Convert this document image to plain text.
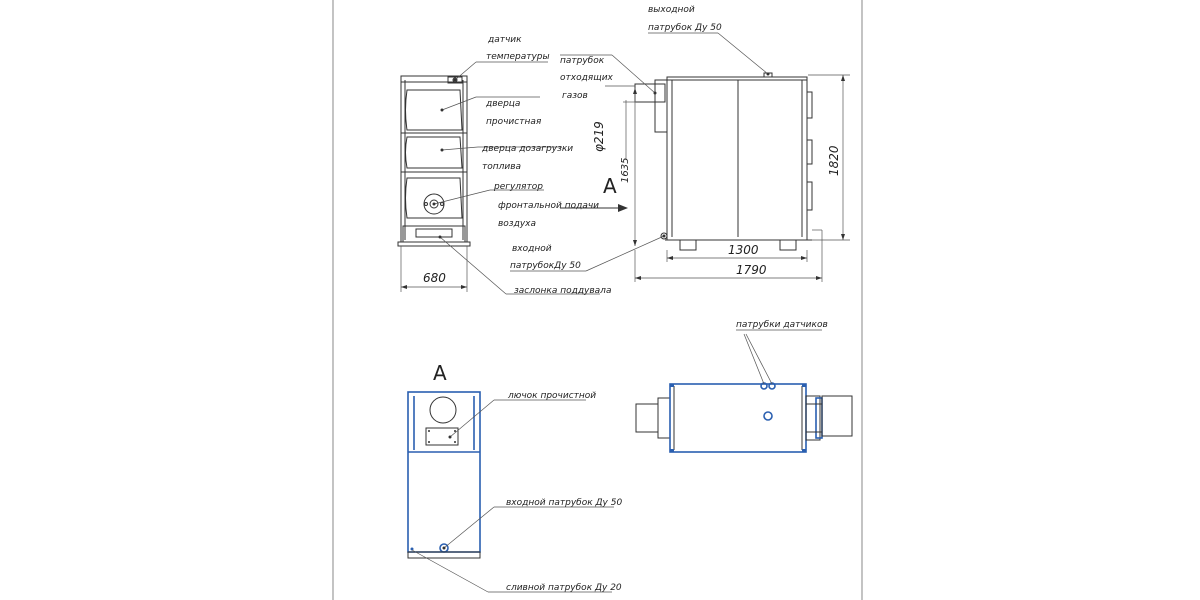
680
датчик
температуры
дверца
прочистная
дверца дозагрузки
топлива
регулятор
фронтальной подачи
воздуха
заслонка поддувала
φ219
1635
1300
1790
1820
патрубок
отходящих
газов
выходной
патрубок Ду 50
входной
патрубокДу 50
A
A
лючок прочистной
входной патрубок Ду 50
сливной патрубок Ду 20
патрубки датчиков
